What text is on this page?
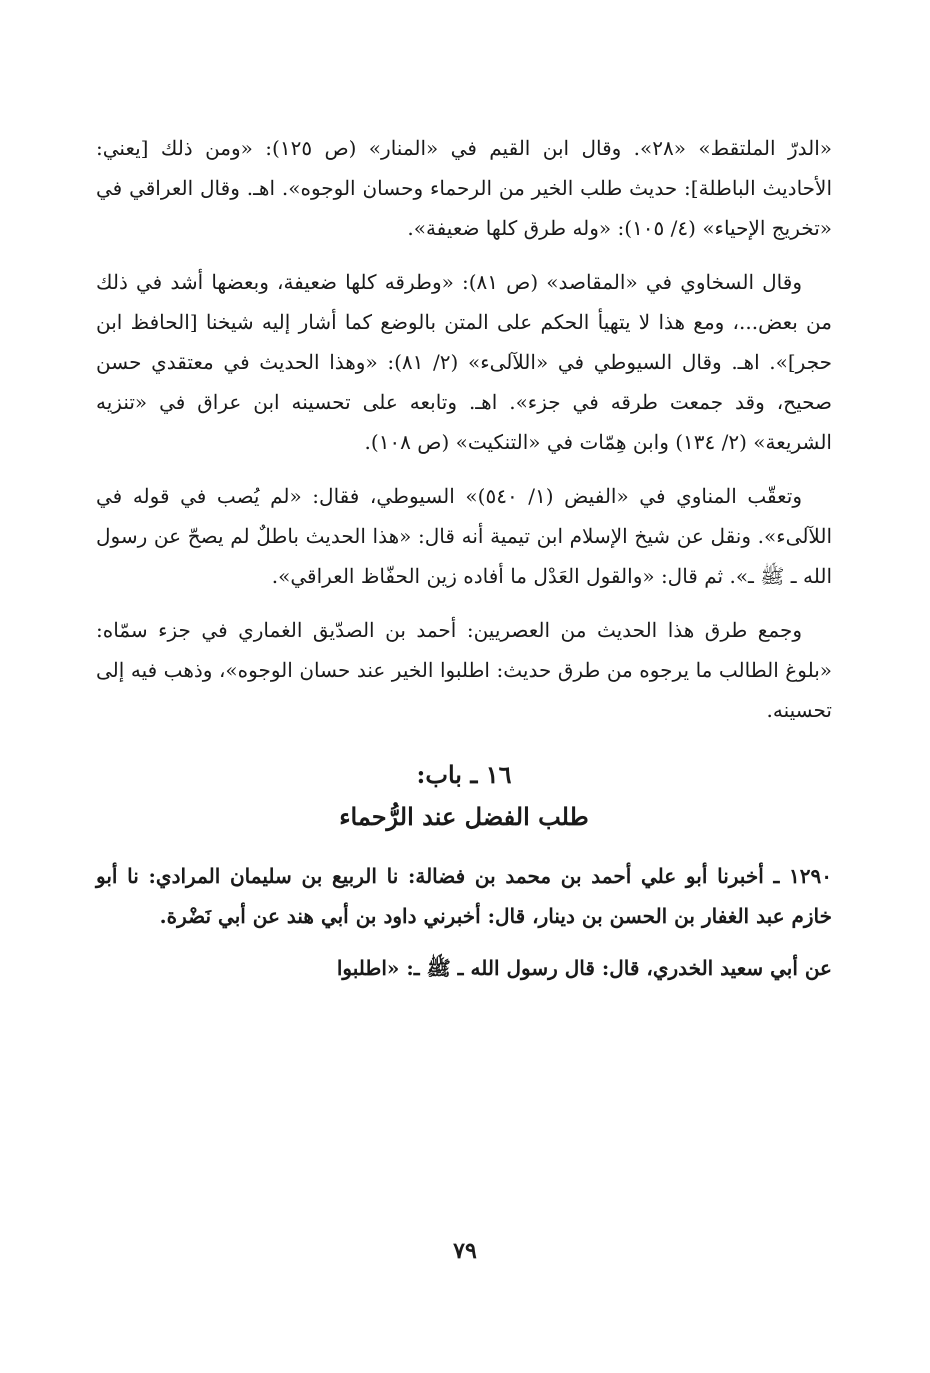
«الدرّ الملتقط» «٢٨». وقال ابن القيم في «المنار» (ص ١٢٥): «ومن ذلك [يعني: الأحاديث الباطلة]: حديث طلب الخير من الرحماء وحسان الوجوه». اهـ. وقال العراقي في «تخريج الإحياء» (٤/ ١٠٥): «وله طرق كلها ضعيفة».

وقال السخاوي في «المقاصد» (ص ٨١): «وطرقه كلها ضعيفة، وبعضها أشد في ذلك من بعض...، ومع هذا لا يتهيأ الحكم على المتن بالوضع كما أشار إليه شيخنا [الحافظ ابن حجر]». اهـ. وقال السيوطي في «اللآلىء» (٢/ ٨١): «وهذا الحديث في معتقدي حسن صحيح، وقد جمعت طرقه في جزء». اهـ. وتابعه على تحسينه ابن عراق في «تنزيه الشريعة» (٢/ ١٣٤) وابن هِمّات في «التنكيت» (ص ١٠٨).

وتعقّب المناوي في «الفيض (١/ ٥٤٠)» السيوطي، فقال: «لم يُصب في قوله في اللآلىء». ونقل عن شيخ الإسلام ابن تيمية أنه قال: «هذا الحديث باطلٌ لم يصحّ عن رسول الله ـ ﷺ ـ». ثم قال: «والقول العَدْل ما أفاده زين الحفّاظ العراقي».

وجمع طرق هذا الحديث من العصريين: أحمد بن الصدّيق الغماري في جزء سمّاه: «بلوغ الطالب ما يرجوه من طرق حديث: اطلبوا الخير عند حسان الوجوه»، وذهب فيه إلى تحسينه.

١٦ ـ باب:
طلب الفضل عند الرُّحماء

١٢٩٠ ـ أخبرنا أبو علي أحمد بن محمد بن فضالة: نا الربيع بن سليمان المرادي: نا أبو خازم عبد الغفار بن الحسن بن دينار، قال: أخبرني داود بن أبي هند عن أبي نَضْرة.

عن أبي سعيد الخدري، قال: قال رسول الله ـ ﷺ ـ: «اطلبوا

٧٩
